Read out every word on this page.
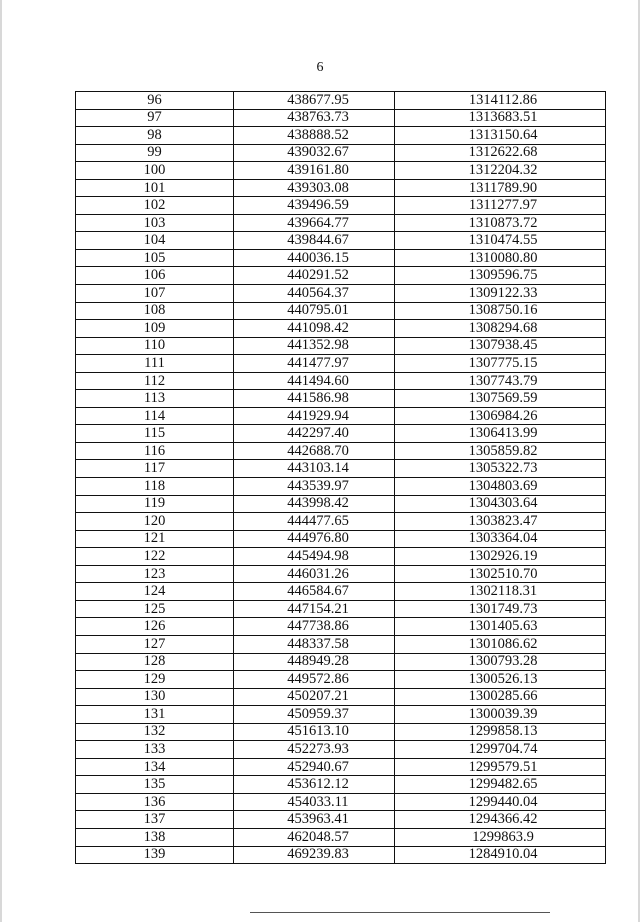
6
96	438677.95	1314112.86
97	438763.73	1313683.51
98	438888.52	1313150.64
99	439032.67	1312622.68
100	439161.80	1312204.32
101	439303.08	1311789.90
102	439496.59	1311277.97
103	439664.77	1310873.72
104	439844.67	1310474.55
105	440036.15	1310080.80
106	440291.52	1309596.75
107	440564.37	1309122.33
108	440795.01	1308750.16
109	441098.42	1308294.68
110	441352.98	1307938.45
111	441477.97	1307775.15
112	441494.60	1307743.79
113	441586.98	1307569.59
114	441929.94	1306984.26
115	442297.40	1306413.99
116	442688.70	1305859.82
117	443103.14	1305322.73
118	443539.97	1304803.69
119	443998.42	1304303.64
120	444477.65	1303823.47
121	444976.80	1303364.04
122	445494.98	1302926.19
123	446031.26	1302510.70
124	446584.67	1302118.31
125	447154.21	1301749.73
126	447738.86	1301405.63
127	448337.58	1301086.62
128	448949.28	1300793.28
129	449572.86	1300526.13
130	450207.21	1300285.66
131	450959.37	1300039.39
132	451613.10	1299858.13
133	452273.93	1299704.74
134	452940.67	1299579.51
135	453612.12	1299482.65
136	454033.11	1299440.04
137	453963.41	1294366.42
138	462048.57	1299863.9
139	469239.83	1284910.04
